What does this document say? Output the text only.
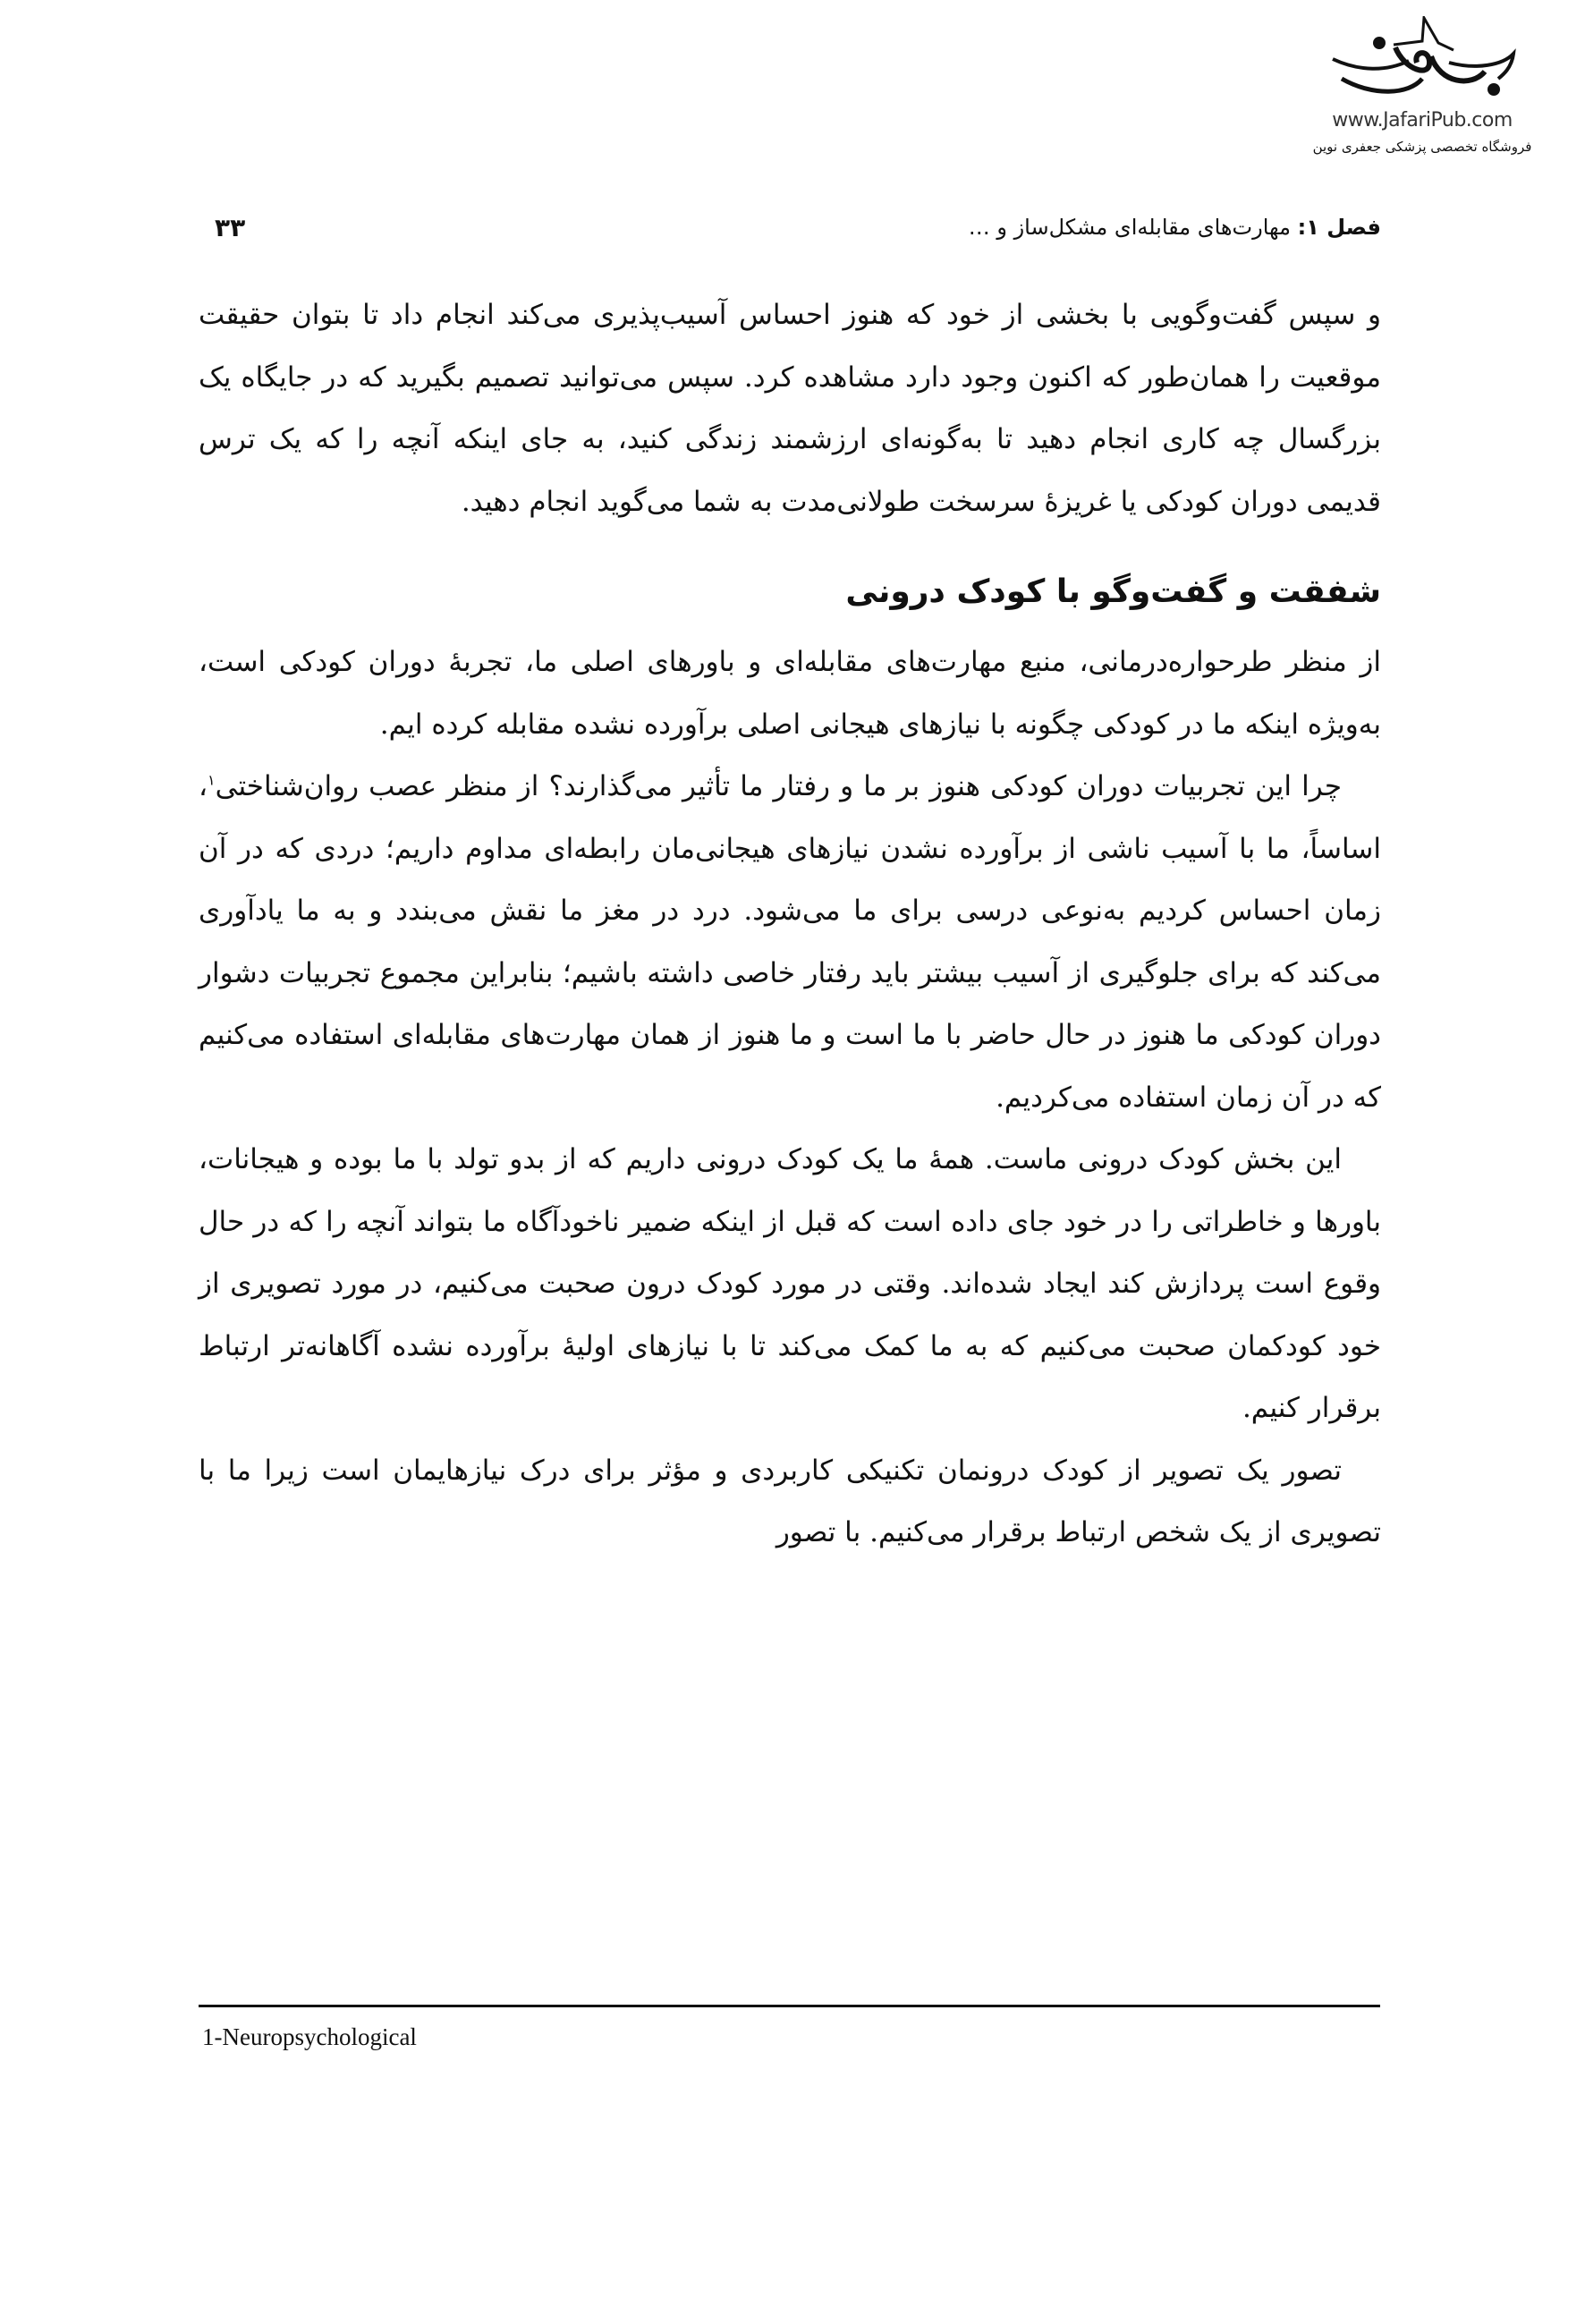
www.JafariPub.com
فروشگاه تخصصی پزشکی جعفری نوین
فصل ۱: مهارت‌های مقابله‌ای مشکل‌ساز و …
۳۳

و سپس گفت‌وگویی با بخشی از خود که هنوز احساس آسیب‌پذیری می‌کند انجام داد تا بتوان حقیقت موقعیت را همان‌طور که اکنون وجود دارد مشاهده کرد. سپس می‌توانید تصمیم بگیرید که در جایگاه یک بزرگسال چه کاری انجام دهید تا به‌گونه‌ای ارزشمند زندگی کنید، به جای اینکه آنچه را که یک ترس قدیمی دوران کودکی یا غریزهٔ سرسخت طولانی‌مدت به شما می‌گوید انجام دهید.

شفقت و گفت‌وگو با کودک درونی

از منظر طرحواره‌درمانی، منبع مهارت‌های مقابله‌ای و باورهای اصلی ما، تجربهٔ دوران کودکی است، به‌ویژه اینکه ما در کودکی چگونه با نیازهای هیجانی اصلی برآورده نشده مقابله کرده ایم.

چرا این تجربیات دوران کودکی هنوز بر ما و رفتار ما تأثیر می‌گذارند؟ از منظر عصب روان‌شناختی$^۱$، اساساً، ما با آسیب ناشی از برآورده نشدن نیازهای هیجانی‌مان رابطه‌ای مداوم داریم؛ دردی که در آن زمان احساس کردیم به‌نوعی درسی برای ما می‌شود. درد در مغز ما نقش می‌بندد و به ما یادآوری می‌کند که برای جلوگیری از آسیب بیشتر باید رفتار خاصی داشته باشیم؛ بنابراین مجموع تجربیات دشوار دوران کودکی ما هنوز در حال حاضر با ما است و ما هنوز از همان مهارت‌های مقابله‌ای استفاده می‌کنیم که در آن زمان استفاده می‌کردیم.

این بخش کودک درونی ماست. همهٔ ما یک کودک درونی داریم که از بدو تولد با ما بوده و هیجانات، باورها و خاطراتی را در خود جای داده است که قبل از اینکه ضمیر ناخودآگاه ما بتواند آنچه را که در حال وقوع است پردازش کند ایجاد شده‌اند. وقتی در مورد کودک درون صحبت می‌کنیم، در مورد تصویری از خود کودکمان صحبت می‌کنیم که به ما کمک می‌کند تا با نیازهای اولیهٔ برآورده نشده آگاهانه‌تر ارتباط برقرار کنیم.

تصور یک تصویر از کودک درونمان تکنیکی کاربردی و مؤثر برای درک نیازهایمان است زیرا ما با تصویری از یک شخص ارتباط برقرار می‌کنیم. با تصور

1-Neuropsychological
